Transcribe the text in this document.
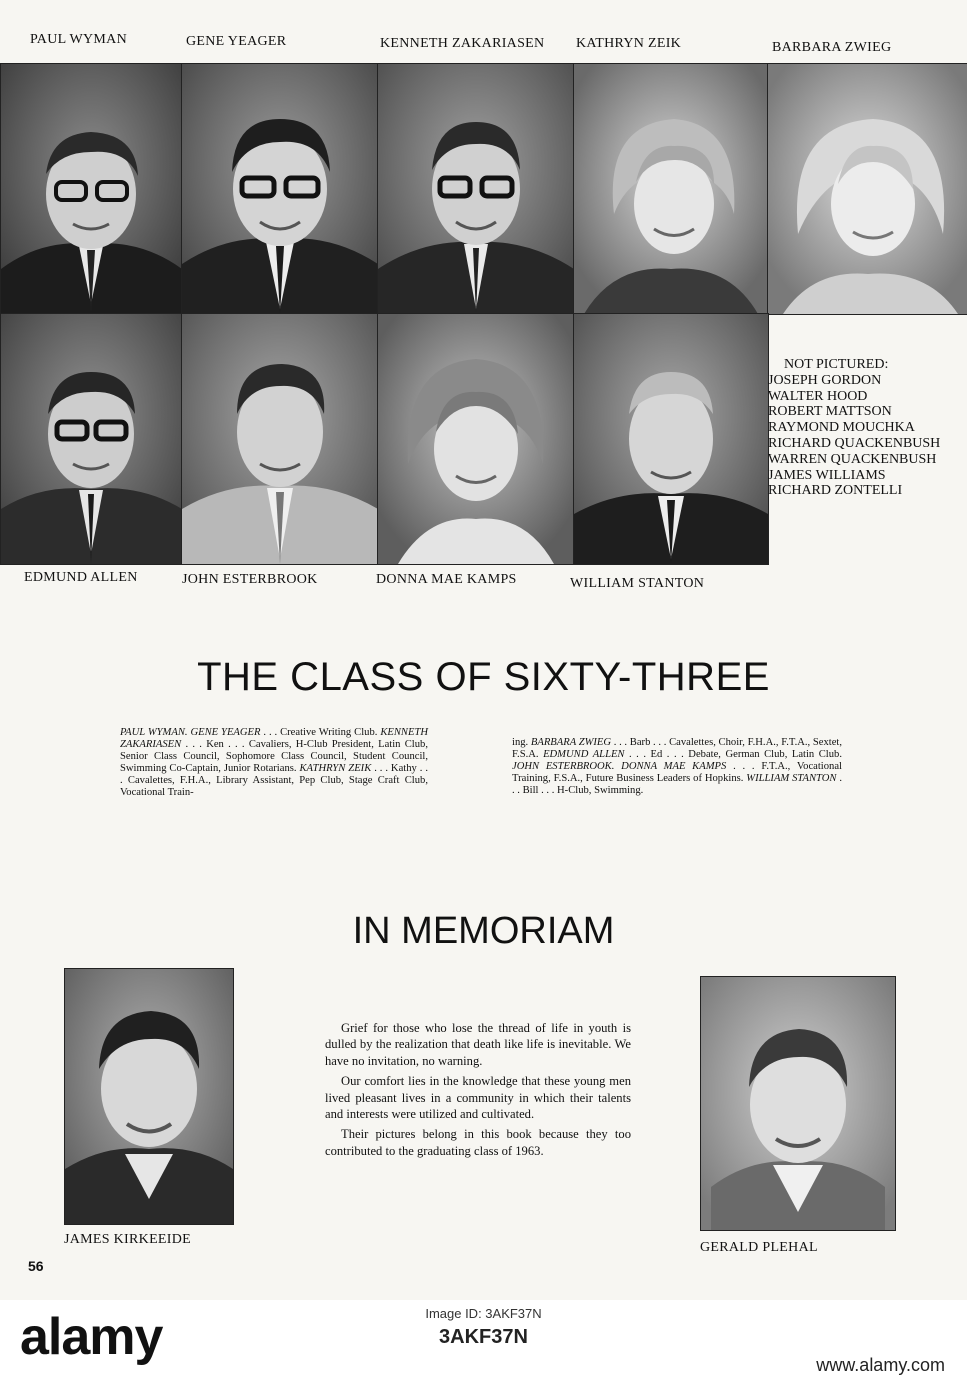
PAUL WYMAN	GENE YEAGER	KENNETH ZAKARIASEN KATHRYN ZEIK	BARBARA ZWIEG
NOT PICTURED:
JOSEPH GORDON
WALTER HOOD
ROBERT MATTSON
RAYMOND MOUCHKA
RICHARD QUACKENBUSH
WARREN QUACKENBUSH
JAMES WILLIAMS
RICHARD ZONTELLI
EDMUND ALLEN	JOHN ESTERBROOK	DONNA MAE KAMPS	WILLIAM STANTON
THE CLASS OF SIXTY-THREE
PAUL WYMAN. GENE YEAGER . . . Creative Writing Club. KENNETH ZAKARIASEN . . . Ken . . . Cavaliers, H-Club President, Latin Club, Senior Class Council, Sophomore Class Council, Student Council, Swimming Co-Captain, Junior Rotarians. KATHRYN ZEIK . . . Kathy . . . Cavalettes, F.H.A., Library Assistant, Pep Club, Stage Craft Club, Vocational Train-
ing. BARBARA ZWIEG . . . Barb . . . Cavalettes, Choir, F.H.A., F.T.A., Sextet, F.S.A. EDMUND ALLEN . . . Ed . . . Debate, German Club, Latin Club. JOHN ESTERBROOK. DONNA MAE KAMPS . . . F.T.A., Vocational Training, F.S.A., Future Business Leaders of Hopkins. WILLIAM STANTON . . . Bill . . . H-Club, Swimming.
IN MEMORIAM
JAMES KIRKEEIDE

Grief for those who lose the thread of life in youth is dulled by the realization that death like life is inevitable. We have no invitation, no warning.

Our comfort lies in the knowledge that these young men lived pleasant lives in a community in which their talents and interests were utilized and cultivated.

Their pictures belong in this book because they too contributed to the graduating class of 1963.

GERALD PLEHAL
56
alamy	Image ID: 3AKF37N
3AKF37N
www.alamy.com
